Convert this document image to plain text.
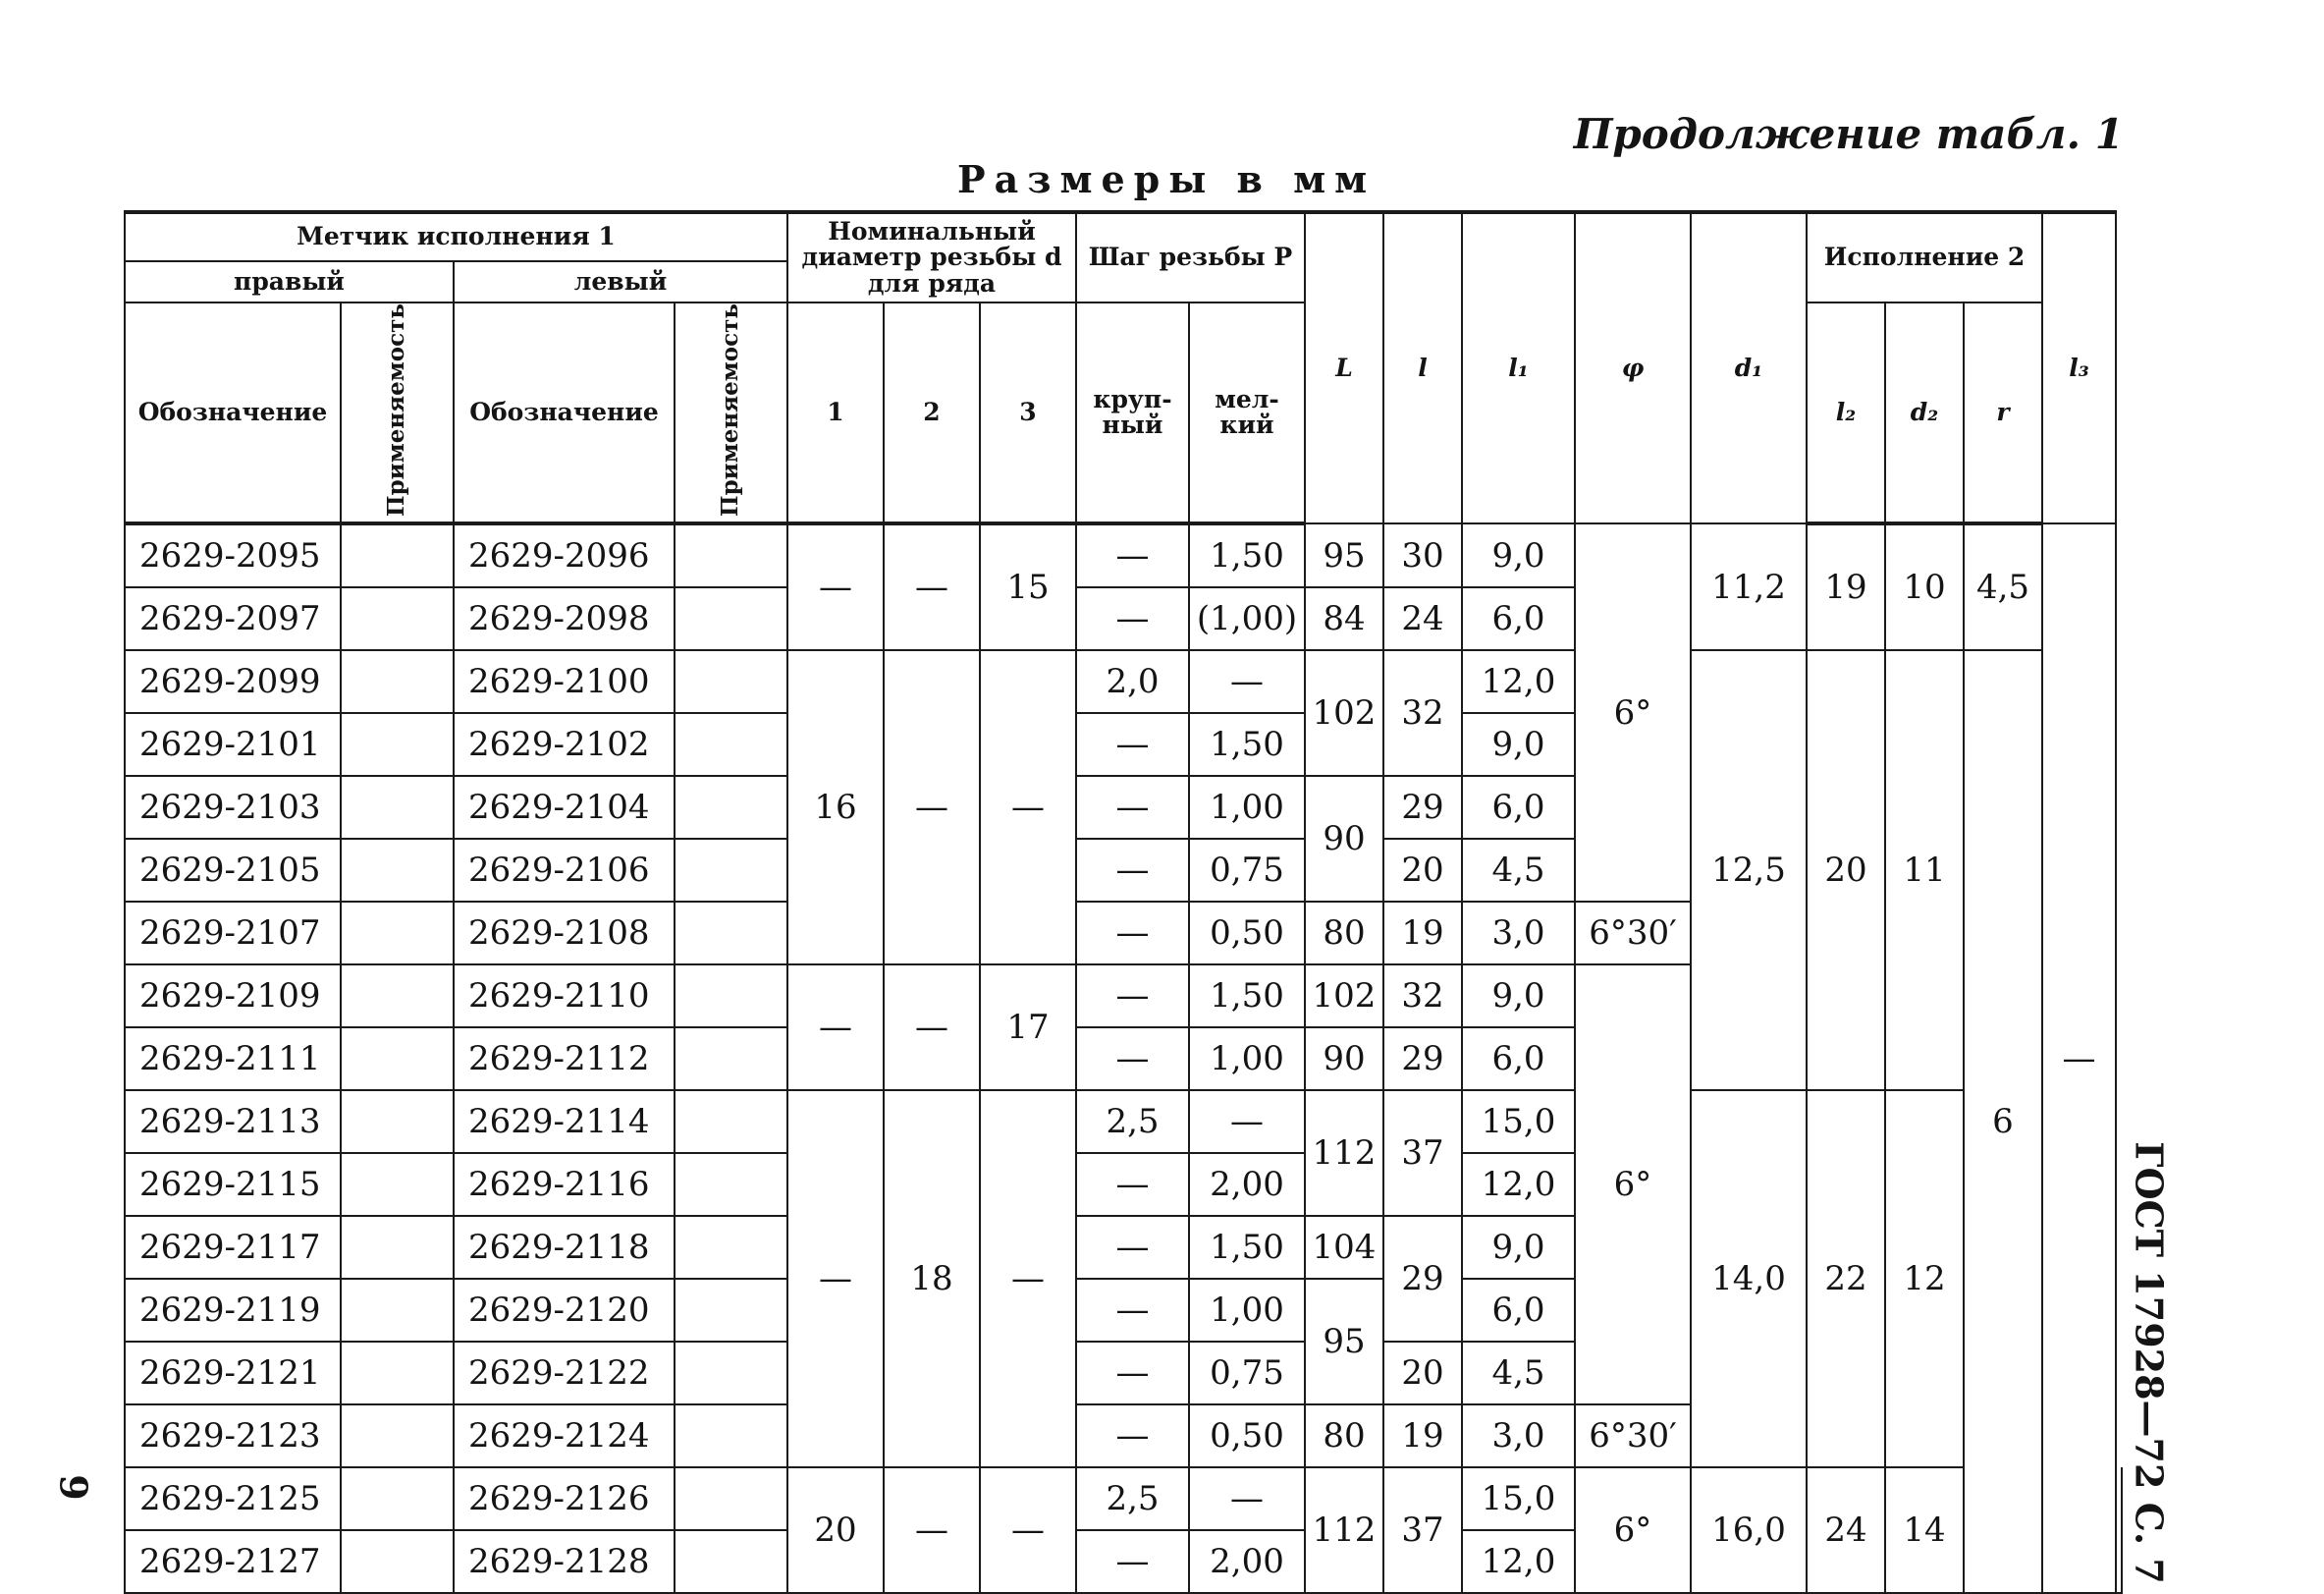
Продолжение табл. 1
Размеры в мм
ГОСТ 17928—72 С. 7
9
Метчик исполнения 1				Номинальный диаметр резьбы d для ряда			Шаг резьбы P		L	l	l₁	φ	d₁	Исполнение 2			l₃	
правый		левый																
Обозначение	Применяемость	Обозначение	Применяемость	1	2	3	круп-ный	мел-кий						l₂	d₂	r		
2629-2095		2629-2096		—	—	15	—	1,50	95	30	9,0	6°	11,2	19	10	4,5	—	
2629-2097		2629-2098					—	(1,00)	84	24	6,0							
2629-2099		2629-2100		16	—	—	2,0	—	102	32	12,0		12,5	20	11	6		
2629-2101		2629-2102					—	1,50			9,0							
2629-2103		2629-2104					—	1,00	90	29	6,0							
2629-2105		2629-2106					—	0,75		20	4,5							
2629-2107		2629-2108					—	0,50	80	19	3,0	6°30′						
2629-2109		2629-2110		—	—	17	—	1,50	102	32	9,0	6°						
2629-2111		2629-2112					—	1,00	90	29	6,0							
2629-2113		2629-2114		—	18	—	2,5	—	112	37	15,0		14,0	22	12			
2629-2115		2629-2116					—	2,00			12,0							
2629-2117		2629-2118					—	1,50	104	29	9,0							
2629-2119		2629-2120					—	1,00	95		6,0							
2629-2121		2629-2122					—	0,75		20	4,5							
2629-2123		2629-2124					—	0,50	80	19	3,0	6°30′						
2629-2125		2629-2126		20	—	—	2,5	—	112	37	15,0	6°	16,0	24	14			
2629-2127		2629-2128					—	2,00			12,0							
